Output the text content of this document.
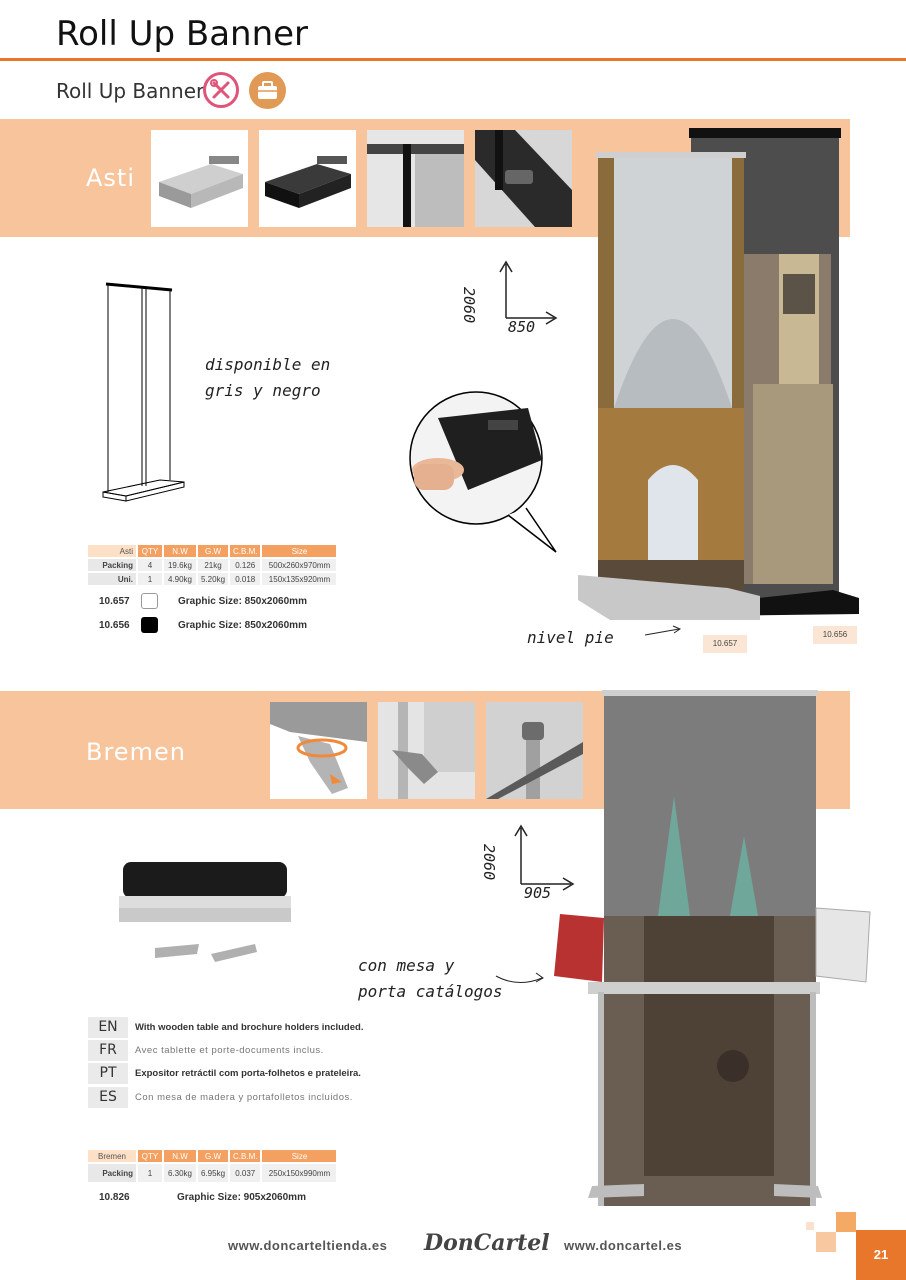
Roll Up Banner
Roll Up Banner
Asti
disponible en
gris y negro
2060
850
nivel pie	10.657
10.656
Asti	QTY	N.W	G.W	C.B.M.	Size
Packing	4	19.6kg	21kg	0.126	500x260x970mm
Uni.	1	4.90kg	5.20kg	0.018	150x135x920mm
10.657	Graphic Size: 850x2060mm
10.656	Graphic Size: 850x2060mm
Bremen
con mesa y
porta catálogos
2060
905
EN	With wooden table and brochure holders included.
FR	Avec tablette et porte-documents inclus.
PT	Expositor retráctil com porta-folhetos e prateleira.
ES	Con mesa de madera y portafolletos incluidos.
Bremen	QTY	N.W	G.W	C.B.M.	Size
Packing	1	6.30kg	6.95kg	0.037	250x150x990mm
10.826	Graphic Size: 905x2060mm
www.doncarteltienda.es DonCartel www.doncartel.es
21
